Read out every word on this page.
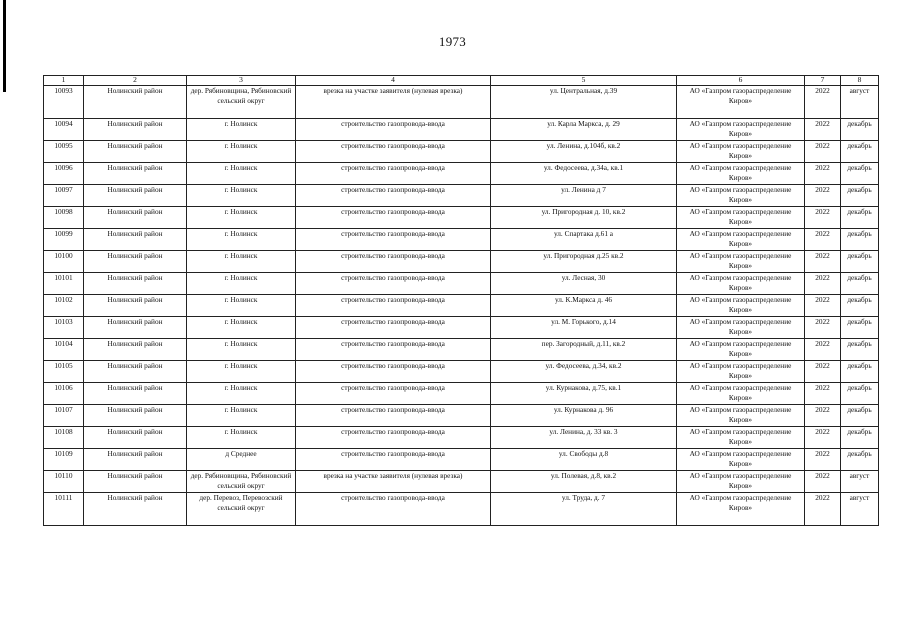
1973
1	2	3	4	5	6	7	8
10093	Нолинский район	дер. Рябиновщина, Рябиновский сельский округ	врезка на участке заявителя (нулевая врезка)	ул. Центральная, д.39	АО «Газпром газораспределение Киров»	2022	август
10094	Нолинский район	г. Нолинск	строительство газопровода-ввода	ул. Карла Маркса, д. 29	АО «Газпром газораспределение Киров»	2022	декабрь
10095	Нолинский район	г. Нолинск	строительство газопровода-ввода	ул. Ленина, д.104б, кв.2	АО «Газпром газораспределение Киров»	2022	декабрь
10096	Нолинский район	г. Нолинск	строительство газопровода-ввода	ул. Федосеева, д.34а, кв.1	АО «Газпром газораспределение Киров»	2022	декабрь
10097	Нолинский район	г. Нолинск	строительство газопровода-ввода	ул. Ленина д 7	АО «Газпром газораспределение Киров»	2022	декабрь
10098	Нолинский район	г. Нолинск	строительство газопровода-ввода	ул. Пригородная д. 10, кв.2	АО «Газпром газораспределение Киров»	2022	декабрь
10099	Нолинский район	г. Нолинск	строительство газопровода-ввода	ул. Спартака д.61 а	АО «Газпром газораспределение Киров»	2022	декабрь
10100	Нолинский район	г. Нолинск	строительство газопровода-ввода	ул. Пригородная д.25 кв.2	АО «Газпром газораспределение Киров»	2022	декабрь
10101	Нолинский район	г. Нолинск	строительство газопровода-ввода	ул. Лесная, 30	АО «Газпром газораспределение Киров»	2022	декабрь
10102	Нолинский район	г. Нолинск	строительство газопровода-ввода	ул. К.Маркса д. 46	АО «Газпром газораспределение Киров»	2022	декабрь
10103	Нолинский район	г. Нолинск	строительство газопровода-ввода	ул. М. Горького, д.14	АО «Газпром газораспределение Киров»	2022	декабрь
10104	Нолинский район	г. Нолинск	строительство газопровода-ввода	пер. Загородный, д.11, кв.2	АО «Газпром газораспределение Киров»	2022	декабрь
10105	Нолинский район	г. Нолинск	строительство газопровода-ввода	ул. Федосеева, д.34, кв.2	АО «Газпром газораспределение Киров»	2022	декабрь
10106	Нолинский район	г. Нолинск	строительство газопровода-ввода	ул. Курнакова, д.75, кв.1	АО «Газпром газораспределение Киров»	2022	декабрь
10107	Нолинский район	г. Нолинск	строительство газопровода-ввода	ул. Курнакова д. 96	АО «Газпром газораспределение Киров»	2022	декабрь
10108	Нолинский район	г. Нолинск	строительство газопровода-ввода	ул. Ленина, д. 33 кв. 3	АО «Газпром газораспределение Киров»	2022	декабрь
10109	Нолинский район	д Среднее	строительство газопровода-ввода	ул. Свободы д.8	АО «Газпром газораспределение Киров»	2022	декабрь
10110	Нолинский район	дер. Рябиновщина, Рябиновский сельский округ	врезка на участке заявителя (нулевая врезка)	ул. Полевая, д.8, кв.2	АО «Газпром газораспределение Киров»	2022	август
10111	Нолинский район	дер. Перевоз, Перевозский сельский округ	строительство газопровода-ввода	ул. Труда, д. 7	АО «Газпром газораспределение Киров»	2022	август
